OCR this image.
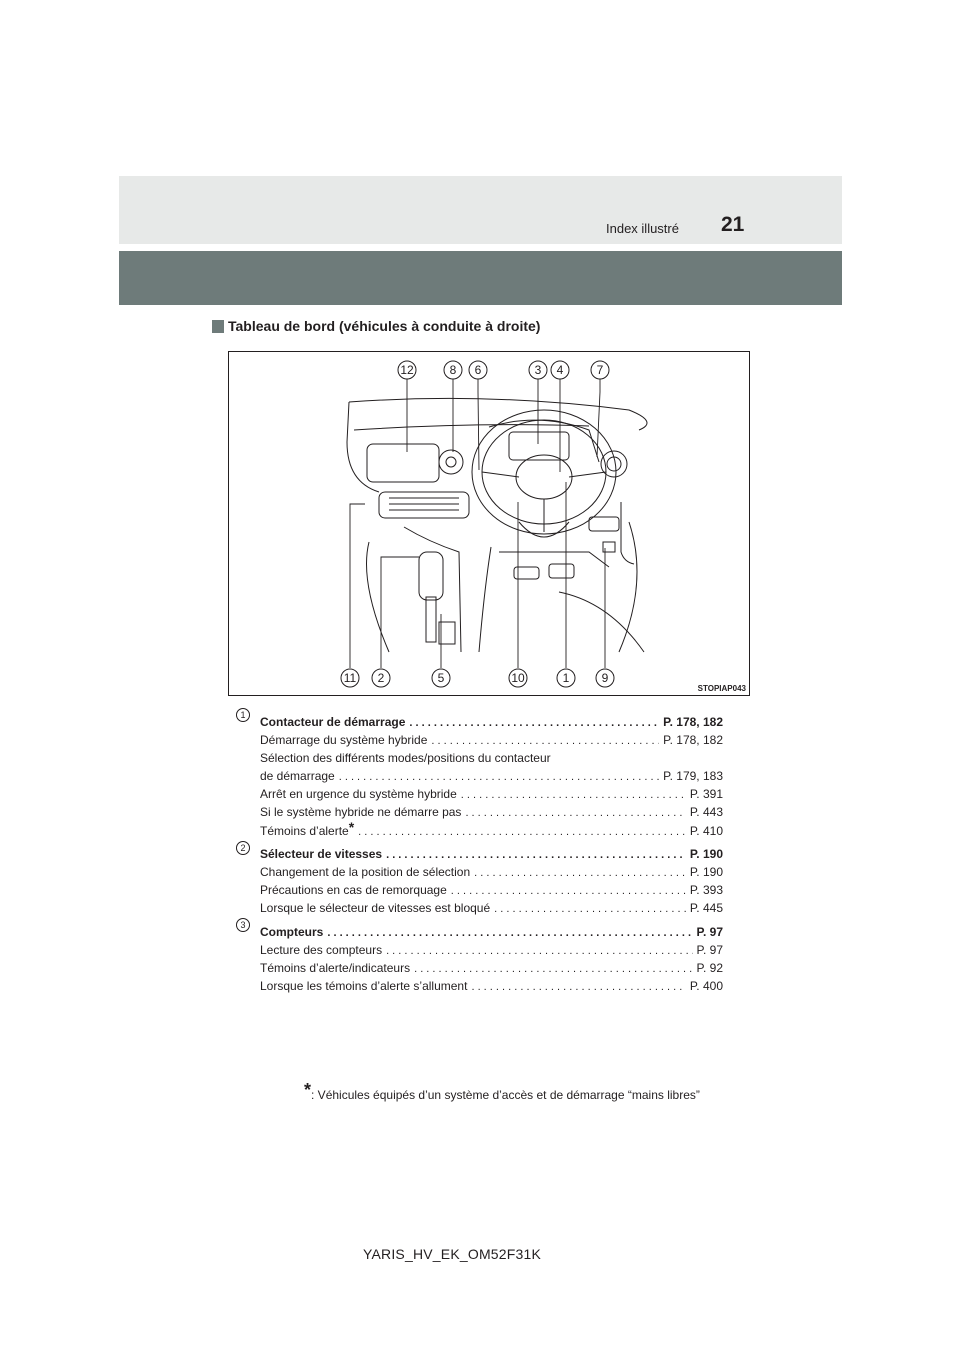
Index illustré 21
Tableau de bord (véhicules à conduite à droite)
12	8 6	3 4	7
11 2	5	10	1	9
STOPIAP043
1	Contacteur de démarrage . . .	P. 178, 182
Démarrage du système hybride . . .	P. 178, 182
Sélection des différents modes/positions du contacteur
de démarrage . . .	P. 179, 183
Arrêt en urgence du système hybride . . .	P. 391
Si le système hybride ne démarre pas . . .	P. 443
Témoins d’alerte* . . .	P. 410
2	Sélecteur de vitesses . . .	P. 190
Changement de la position de sélection . . .	P. 190
Précautions en cas de remorquage . . .	P. 393
Lorsque le sélecteur de vitesses est bloqué . . .	P. 445
3	Compteurs . . .	P. 97
Lecture des compteurs . . .	P. 97
Témoins d’alerte/indicateurs . . .	P. 92
Lorsque les témoins d’alerte s’allument . . .	P. 400
*: Véhicules équipés d’un système d’accès et de démarrage “mains libres”
YARIS_HV_EK_OM52F31K
